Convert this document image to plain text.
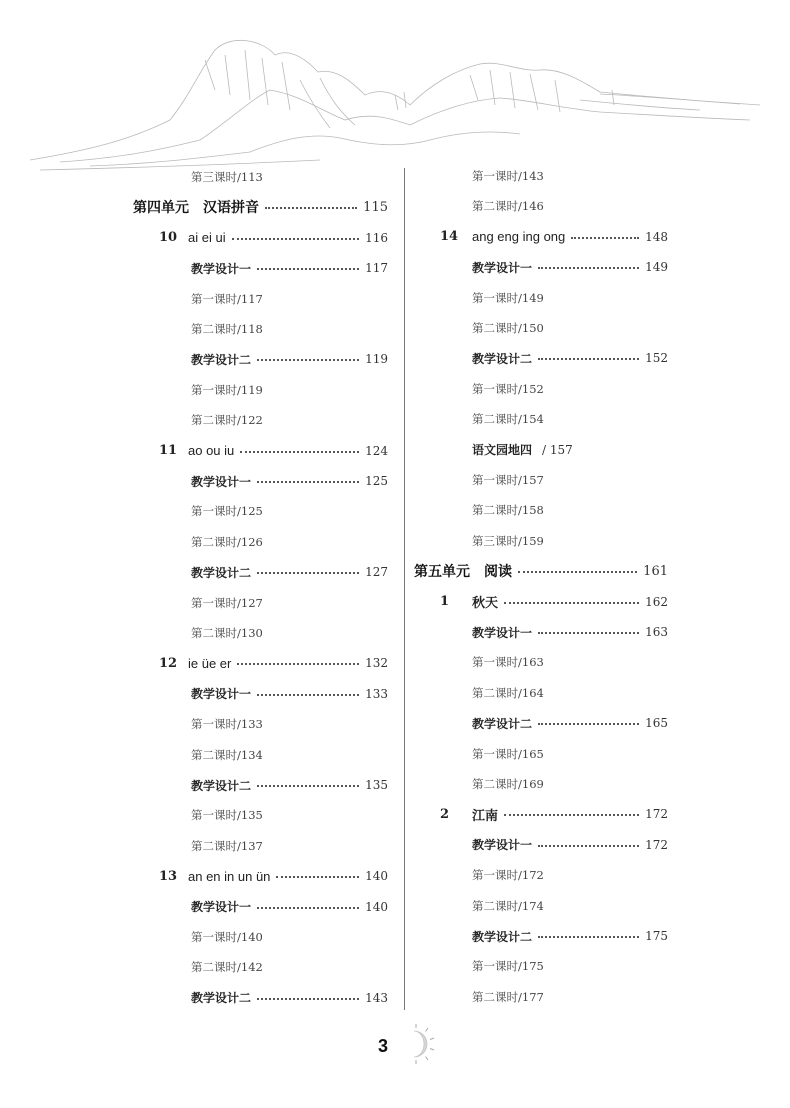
第三课时/ 113
第四单元　汉语拼音	115
10 ai ei ui	116
教学设计一	117
第一课时/ 117
第二课时/ 118
教学设计二	119
第一课时/ 119
第二课时/ 122
11 ao ou iu	124
教学设计一	125
第一课时/ 125
第二课时/ 126
教学设计二	127
第一课时/ 127
第二课时/ 130
12 ie üe er	132
教学设计一	133
第一课时/ 133
第二课时/ 134
教学设计二	135
第一课时/ 135
第二课时/ 137
13 an en in un ün	140
教学设计一	140
第一课时/ 140
第二课时/ 142
教学设计二	143
第一课时/ 143
第二课时/ 146
14	ang eng ing ong	148
教学设计一	149
第一课时/ 149
第二课时/ 150
教学设计二	152
第一课时/ 152
第二课时/ 154
语文园地四 / 157
第一课时/ 157
第二课时/ 158
第三课时/ 159
第五单元　阅读	161
1	秋天	162
教学设计一	163
第一课时/ 163
第二课时/ 164
教学设计二	165
第一课时/ 165
第二课时/ 169
2	江南	172
教学设计一	172
第一课时/ 172
第二课时/ 174
教学设计二	175
第一课时/ 175
第二课时/ 177
3
